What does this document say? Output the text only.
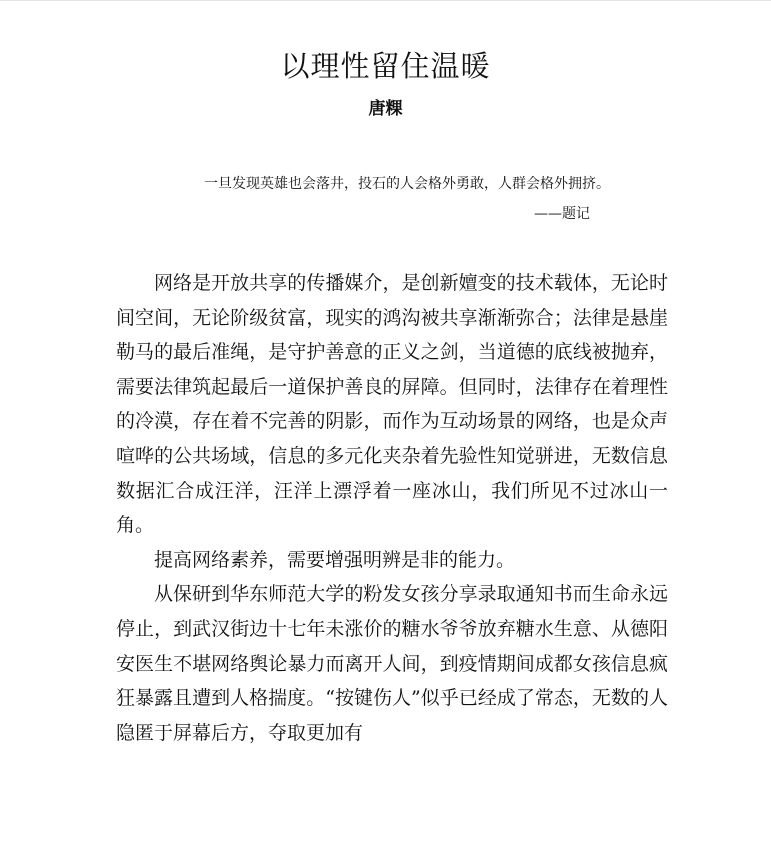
以理性留住温暖
唐粿
一旦发现英雄也会落井，投石的人会格外勇敢，人群会格外拥挤。
——题记

网络是开放共享的传播媒介，是创新嬗变的技术载体，无论时间空间，无论阶级贫富，现实的鸿沟被共享渐渐弥合；法律是悬崖勒马的最后准绳，是守护善意的正义之剑，当道德的底线被抛弃，需要法律筑起最后一道保护善良的屏障。但同时，法律存在着理性的冷漠，存在着不完善的阴影，而作为互动场景的网络，也是众声喧哗的公共场域，信息的多元化夹杂着先验性知觉骈进，无数信息数据汇合成汪洋，汪洋上漂浮着一座冰山，我们所见不过冰山一角。

提高网络素养，需要增强明辨是非的能力。

从保研到华东师范大学的粉发女孩分享录取通知书而生命永远停止，到武汉街边十七年未涨价的糖水爷爷放弃糖水生意、从德阳安医生不堪网络舆论暴力而离开人间，到疫情期间成都女孩信息疯狂暴露且遭到人格揣度。“按键伤人”似乎已经成了常态，无数的人隐匿于屏幕后方，夺取更加有
